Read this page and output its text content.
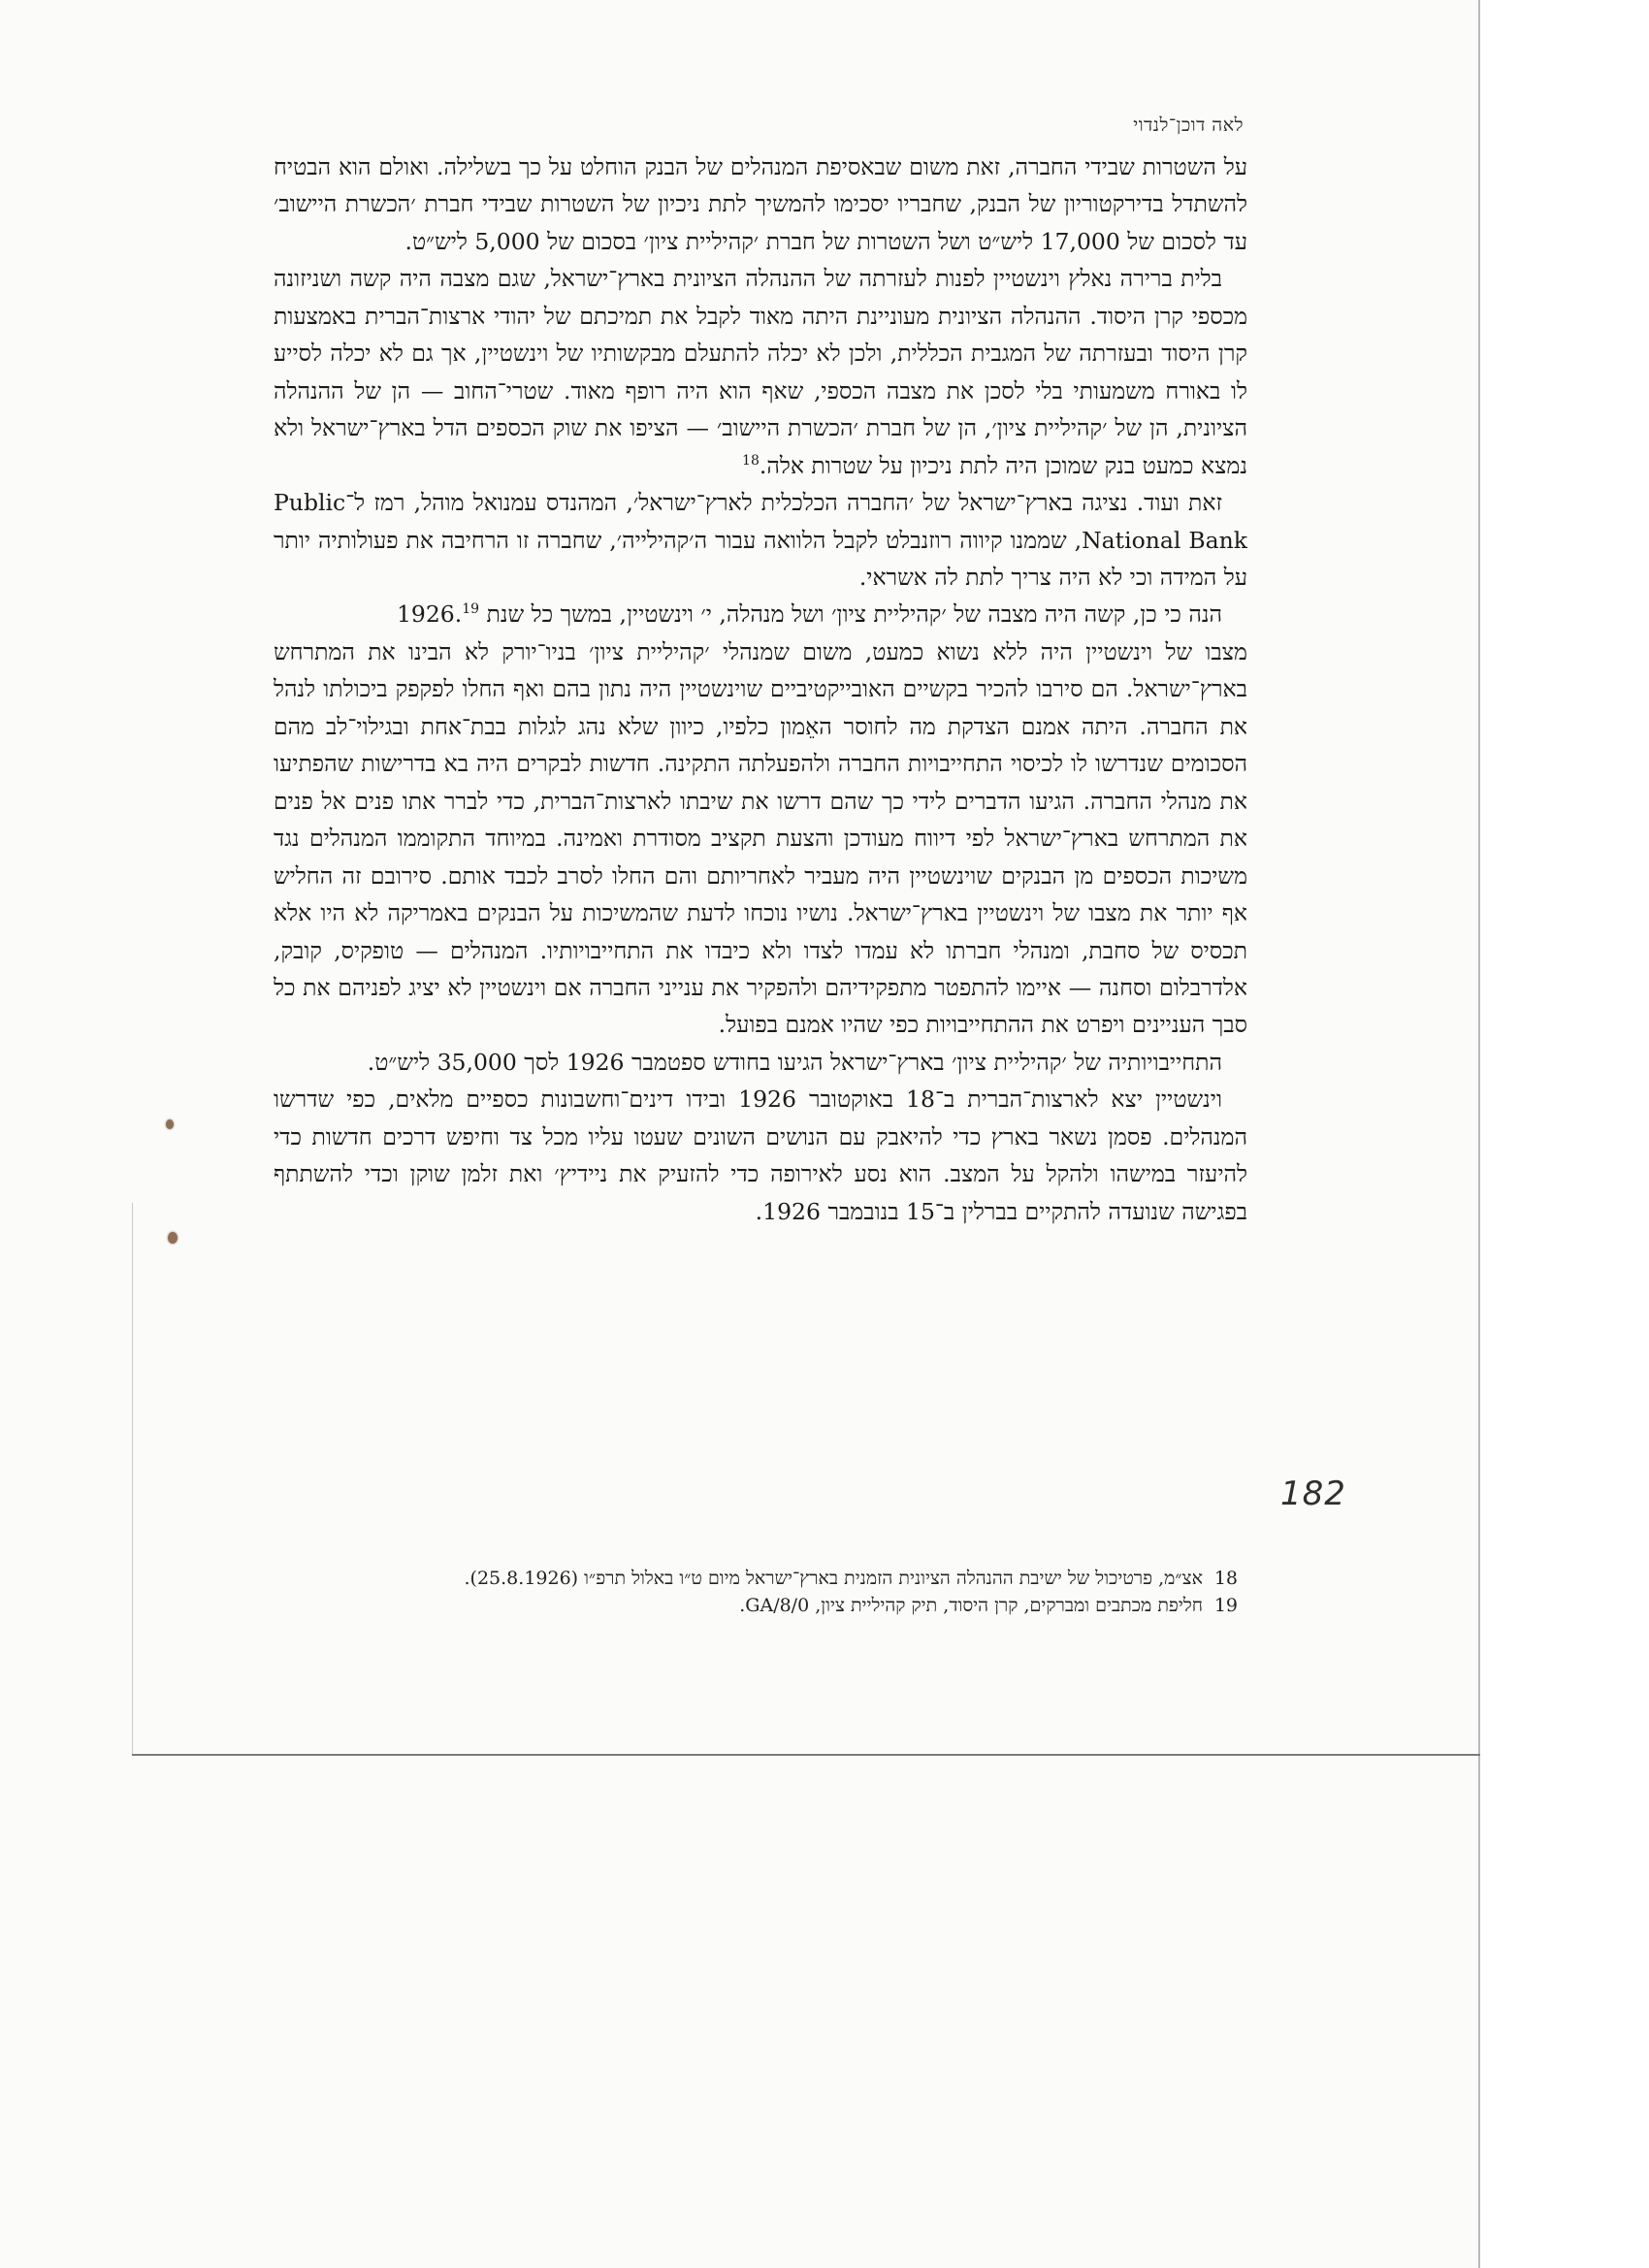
לאה דוכן־לנדוי

על השטרות שבידי החברה, זאת משום שבאסיפת המנהלים של הבנק הוחלט על כך בשלילה. ואולם הוא הבטיח להשתדל בדירקטוריון של הבנק, שחבריו יסכימו להמשיך לתת ניכיון של השטרות שבידי חברת ׳הכשרת היישוב׳ עד לסכום של 17,000 ליש״ט ושל השטרות של חברת ׳קהיליית ציון׳ בסכום של 5,000 ליש״ט.

בלית ברירה נאלץ וינשטיין לפנות לעזרתה של ההנהלה הציונית בארץ־ישראל, שגם מצבה היה קשה ושניזונה מכספי קרן היסוד. ההנהלה הציונית מעוניינת היתה מאוד לקבל את תמיכתם של יהודי ארצות־הברית באמצעות קרן היסוד ובעזרתה של המגבית הכללית, ולכן לא יכלה להתעלם מבקשותיו של וינשטיין, אך גם לא יכלה לסייע לו באורח משמעותי בלי לסכן את מצבה הכספי, שאף הוא היה רופף מאוד. שטרי־החוב — הן של ההנהלה הציונית, הן של ׳קהיליית ציון׳, הן של חברת ׳הכשרת היישוב׳ — הציפו את שוק הכספים הדל בארץ־ישראל ולא נמצא כמעט בנק שמוכן היה לתת ניכיון על שטרות אלה.$^{18}$

זאת ועוד. נציגה בארץ־ישראל של ׳החברה הכלכלית לארץ־ישראל׳, המהנדס עמנואל מוהל, רמז ל־Public National Bank, שממנו קיווה רוזנבלט לקבל הלוואה עבור ה׳קהילייה׳, שחברה זו הרחיבה את פעולותיה יותר על המידה וכי לא היה צריך לתת לה אשראי.

הנה כי כן, קשה היה מצבה של ׳קהיליית ציון׳ ושל מנהלה, י׳ וינשטיין, במשך כל שנת 1926.19

מצבו של וינשטיין היה ללא נשוא כמעט, משום שמנהלי ׳קהיליית ציון׳ בניו־יורק לא הבינו את המתרחש בארץ־ישראל. הם סירבו להכיר בקשיים האובייקטיביים שוינשטיין היה נתון בהם ואף החלו לפקפק ביכולתו לנהל את החברה. היתה אמנם הצדקת מה לחוסר האֵמון כלפיו, כיוון שלא נהג לגלות בבת־אחת ובגילוי־לב מהם הסכומים שנדרשו לו לכיסוי התחייבויות החברה ולהפעלתה התקינה. חדשות לבקרים היה בא בדרישות שהפתיעו את מנהלי החברה. הגיעו הדברים לידי כך שהם דרשו את שיבתו לארצות־הברית, כדי לברר אתו פנים אל פנים את המתרחש בארץ־ישראל לפי דיווח מעודכן והצעת תקציב מסודרת ואמינה. במיוחד התקוממו המנהלים נגד משיכות הכספים מן הבנקים שוינשטיין היה מעביר לאחריותם והם החלו לסרב לכבד אותם. סירובם זה החליש אף יותר את מצבו של וינשטיין בארץ־ישראל. נושיו נוכחו לדעת שהמשיכות על הבנקים באמריקה לא היו אלא תכסיס של סחבת, ומנהלי חברתו לא עמדו לצדו ולא כיבדו את התחייבויותיו. המנהלים — טופקיס, קובק, אלדרבלום וסחנה — איימו להתפטר מתפקידיהם ולהפקיר את ענייני החברה אם וינשטיין לא יציג לפניהם את כל סבך העניינים ויפרט את ההתחייבויות כפי שהיו אמנם בפועל.

התחייבויותיה של ׳קהיליית ציון׳ בארץ־ישראל הגיעו בחודש ספטמבר 1926 לסך 35,000 ליש״ט.

וינשטיין יצא לארצות־הברית ב־18 באוקטובר 1926 ובידו דינים־וחשבונות כספיים מלאים, כפי שדרשו המנהלים. פסמן נשאר בארץ כדי להיאבק עם הנושים השונים שעטו עליו מכל צד וחיפש דרכים חדשות כדי להיעזר במישהו ולהקל על המצב. הוא נסע לאירופה כדי להזעיק את ניידיץ׳ ואת זלמן שוקן וכדי להשתתף בפגישה שנועדה להתקיים בברלין ב־15 בנובמבר 1926.

182
18
אצ״מ, פרטיכול של ישיבת ההנהלה הציונית הזמנית בארץ־ישראל מיום ט״ו באלול תרפ״ו (25.8.1926).
19
חליפת מכתבים ומברקים, קרן היסוד, תיק קהיליית ציון, GA/8/0.
